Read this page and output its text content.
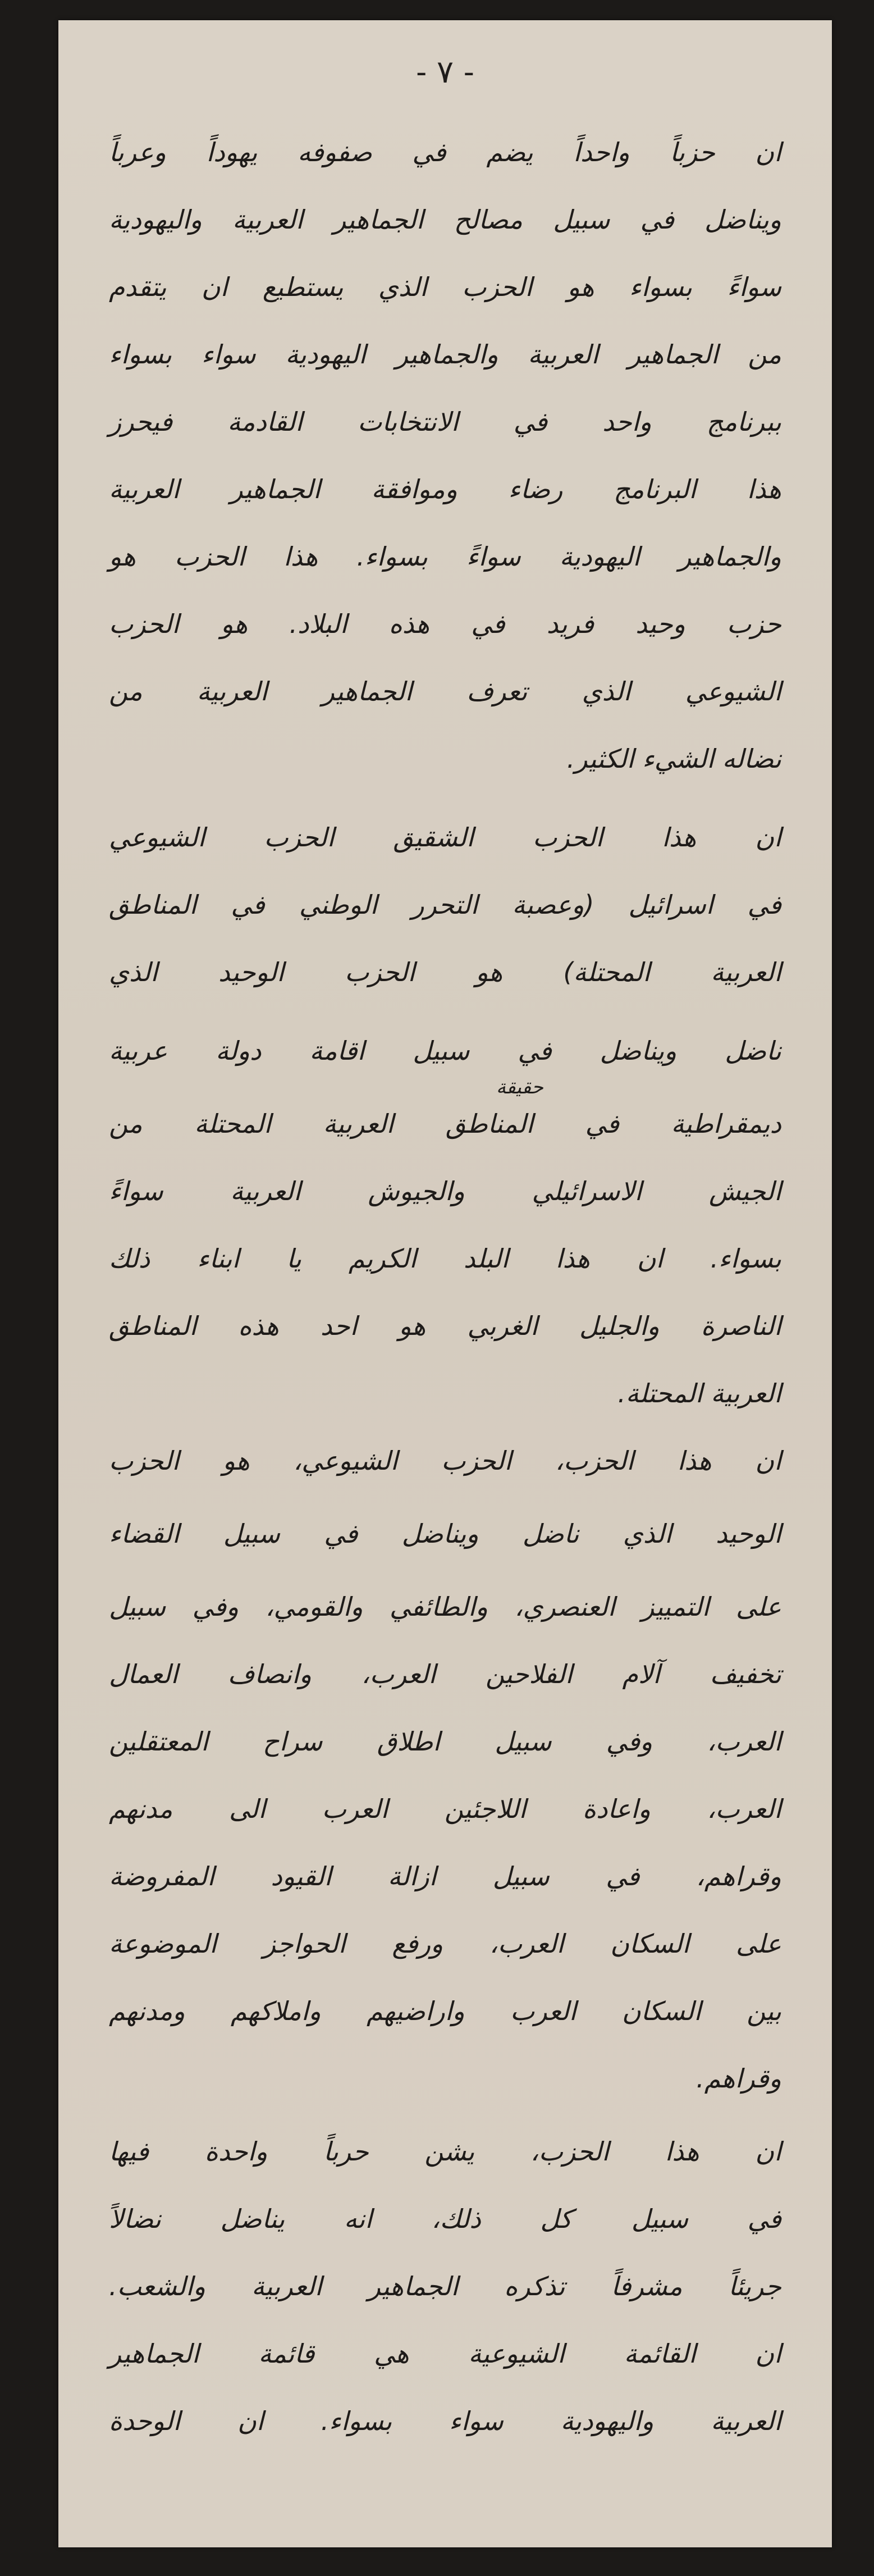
- ٧ -
ان حزباً واحداً يضم في صفوفه يهوداً وعرباً
ويناضل في سبيل مصالح الجماهير العربية واليهودية
سواءً بسواء هو الحزب الذي يستطيع ان يتقدم
من الجماهير العربية والجماهير اليهودية سواء بسواء
ببرنامج واحد في الانتخابات القادمة فيحرز
هذا البرنامج رضاء وموافقة الجماهير العربية
والجماهير اليهودية سواءً بسواء. هذا الحزب هو
حزب وحيد فريد في هذه البلاد. هو الحزب
الشيوعي الذي تعرف الجماهير العربية من
نضاله الشيء الكثير.
ان هذا الحزب الشقيق الحزب الشيوعي
في اسرائيل (وعصبة التحرر الوطني في المناطق
العربية المحتلة) هو الحزب الوحيد الذي
ناضل ويناضل في سبيل اقامة دولة عربية
ديمقراطية في المناطق العربية المحتلة من
الجيش الاسرائيلي والجيوش العربية سواءً
بسواء. ان هذا البلد الكريم يا ابناء ذلك
الناصرة والجليل الغربي هو احد هذه المناطق
العربية المحتلة.
ان هذا الحزب، الحزب الشيوعي، هو الحزب
الوحيد الذي ناضل ويناضل في سبيل القضاء
على التمييز العنصري، والطائفي والقومي، وفي سبيل
تخفيف آلام الفلاحين العرب، وانصاف العمال
العرب، وفي سبيل اطلاق سراح المعتقلين
العرب، واعادة اللاجئين العرب الى مدنهم
وقراهم، في سبيل ازالة القيود المفروضة
على السكان العرب، ورفع الحواجز الموضوعة
بين السكان العرب واراضيهم واملاكهم ومدنهم
وقراهم.
ان هذا الحزب، يشن حرباً واحدة فيها
في سبيل كل ذلك، انه يناضل نضالاً
جريئاً مشرفاً تذكره الجماهير العربية والشعب.
ان القائمة الشيوعية هي قائمة الجماهير
العربية واليهودية سواء بسواء. ان الوحدة
حقيقة
